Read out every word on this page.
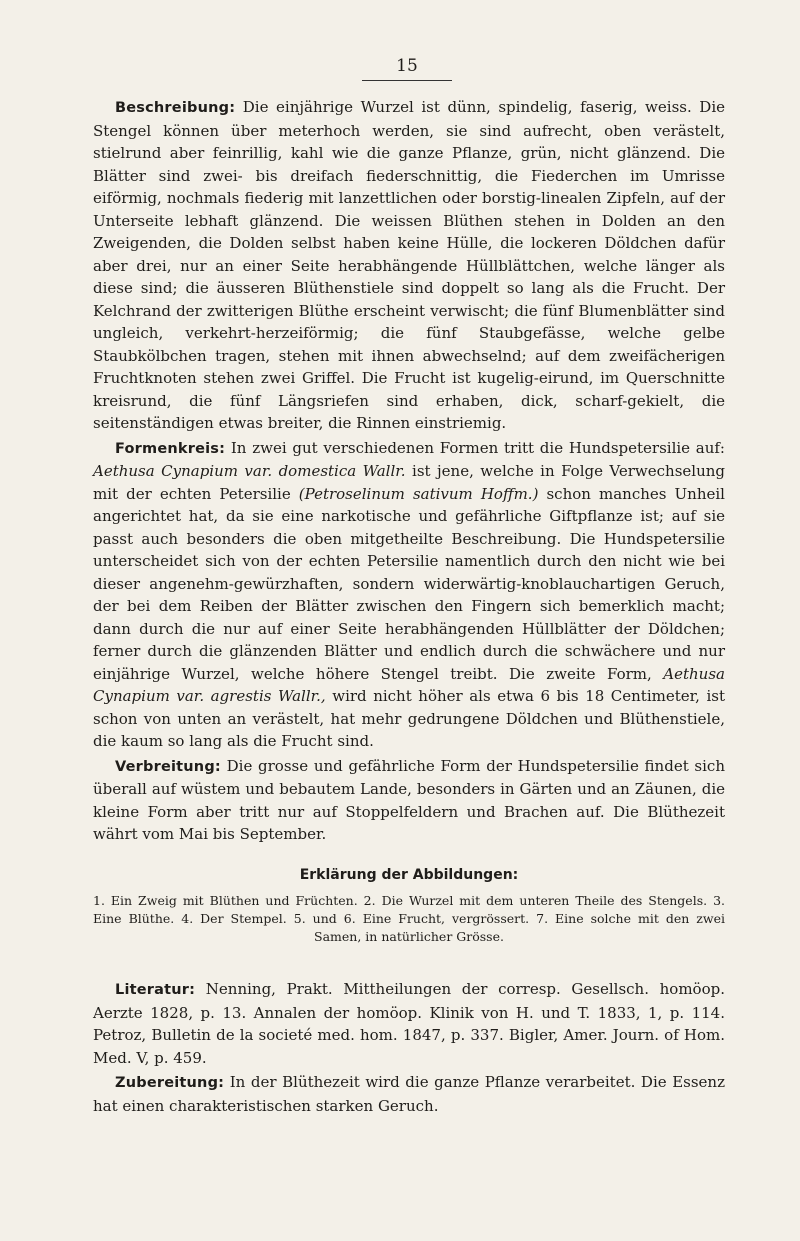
15

Beschreibung: Die einjährige Wurzel ist dünn, spindelig, faserig, weiss. Die Stengel können über meterhoch werden, sie sind aufrecht, oben verästelt, stielrund aber feinrillig, kahl wie die ganze Pflanze, grün, nicht glänzend. Die Blätter sind zwei- bis dreifach fiederschnittig, die Fiederchen im Umrisse eiförmig, nochmals fiederig mit lanzettlichen oder borstig-linealen Zipfeln, auf der Unterseite lebhaft glänzend. Die weissen Blüthen stehen in Dolden an den Zweigenden, die Dolden selbst haben keine Hülle, die lockeren Döldchen dafür aber drei, nur an einer Seite herabhängende Hüllblättchen, welche länger als diese sind; die äusseren Blüthenstiele sind doppelt so lang als die Frucht. Der Kelchrand der zwitterigen Blüthe erscheint verwischt; die fünf Blumenblätter sind ungleich, verkehrt-herzeiförmig; die fünf Staubgefässe, welche gelbe Staubkölbchen tragen, stehen mit ihnen abwechselnd; auf dem zweifächerigen Fruchtknoten stehen zwei Griffel. Die Frucht ist kugelig-eirund, im Querschnitte kreisrund, die fünf Längsriefen sind erhaben, dick, scharf-gekielt, die seitenständigen etwas breiter, die Rinnen einstriemig.

Formenkreis: In zwei gut verschiedenen Formen tritt die Hundspetersilie auf: Aethusa Cynapium var. domestica Wallr. ist jene, welche in Folge Verwechselung mit der echten Petersilie (Petroselinum sativum Hoffm.) schon manches Unheil angerichtet hat, da sie eine narkotische und gefährliche Giftpflanze ist; auf sie passt auch besonders die oben mitgetheilte Beschreibung. Die Hundspetersilie unterscheidet sich von der echten Petersilie namentlich durch den nicht wie bei dieser angenehm-gewürzhaften, sondern widerwärtig-knoblauchartigen Geruch, der bei dem Reiben der Blätter zwischen den Fingern sich bemerklich macht; dann durch die nur auf einer Seite herabhängenden Hüllblätter der Döldchen; ferner durch die glänzenden Blätter und endlich durch die schwächere und nur einjährige Wurzel, welche höhere Stengel treibt. Die zweite Form, Aethusa Cynapium var. agrestis Wallr., wird nicht höher als etwa 6 bis 18 Centimeter, ist schon von unten an verästelt, hat mehr gedrungene Döldchen und Blüthenstiele, die kaum so lang als die Frucht sind.

Verbreitung: Die grosse und gefährliche Form der Hundspetersilie findet sich überall auf wüstem und bebautem Lande, besonders in Gärten und an Zäunen, die kleine Form aber tritt nur auf Stoppelfeldern und Brachen auf. Die Blüthezeit währt vom Mai bis September.

Erklärung der Abbildungen:
1. Ein Zweig mit Blüthen und Früchten. 2. Die Wurzel mit dem unteren Theile des Stengels. 3. Eine Blüthe. 4. Der Stempel. 5. und 6. Eine Frucht, vergrössert. 7. Eine solche mit den zwei Samen, in natürlicher Grösse.

Literatur: Nenning, Prakt. Mittheilungen der corresp. Gesellsch. homöop. Aerzte 1828, p. 13. Annalen der homöop. Klinik von H. und T. 1833, 1, p. 114. Petroz, Bulletin de la societé med. hom. 1847, p. 337. Bigler, Amer. Journ. of Hom. Med. V, p. 459.

Zubereitung: In der Blüthezeit wird die ganze Pflanze verarbeitet. Die Essenz hat einen charakteristischen starken Geruch.
